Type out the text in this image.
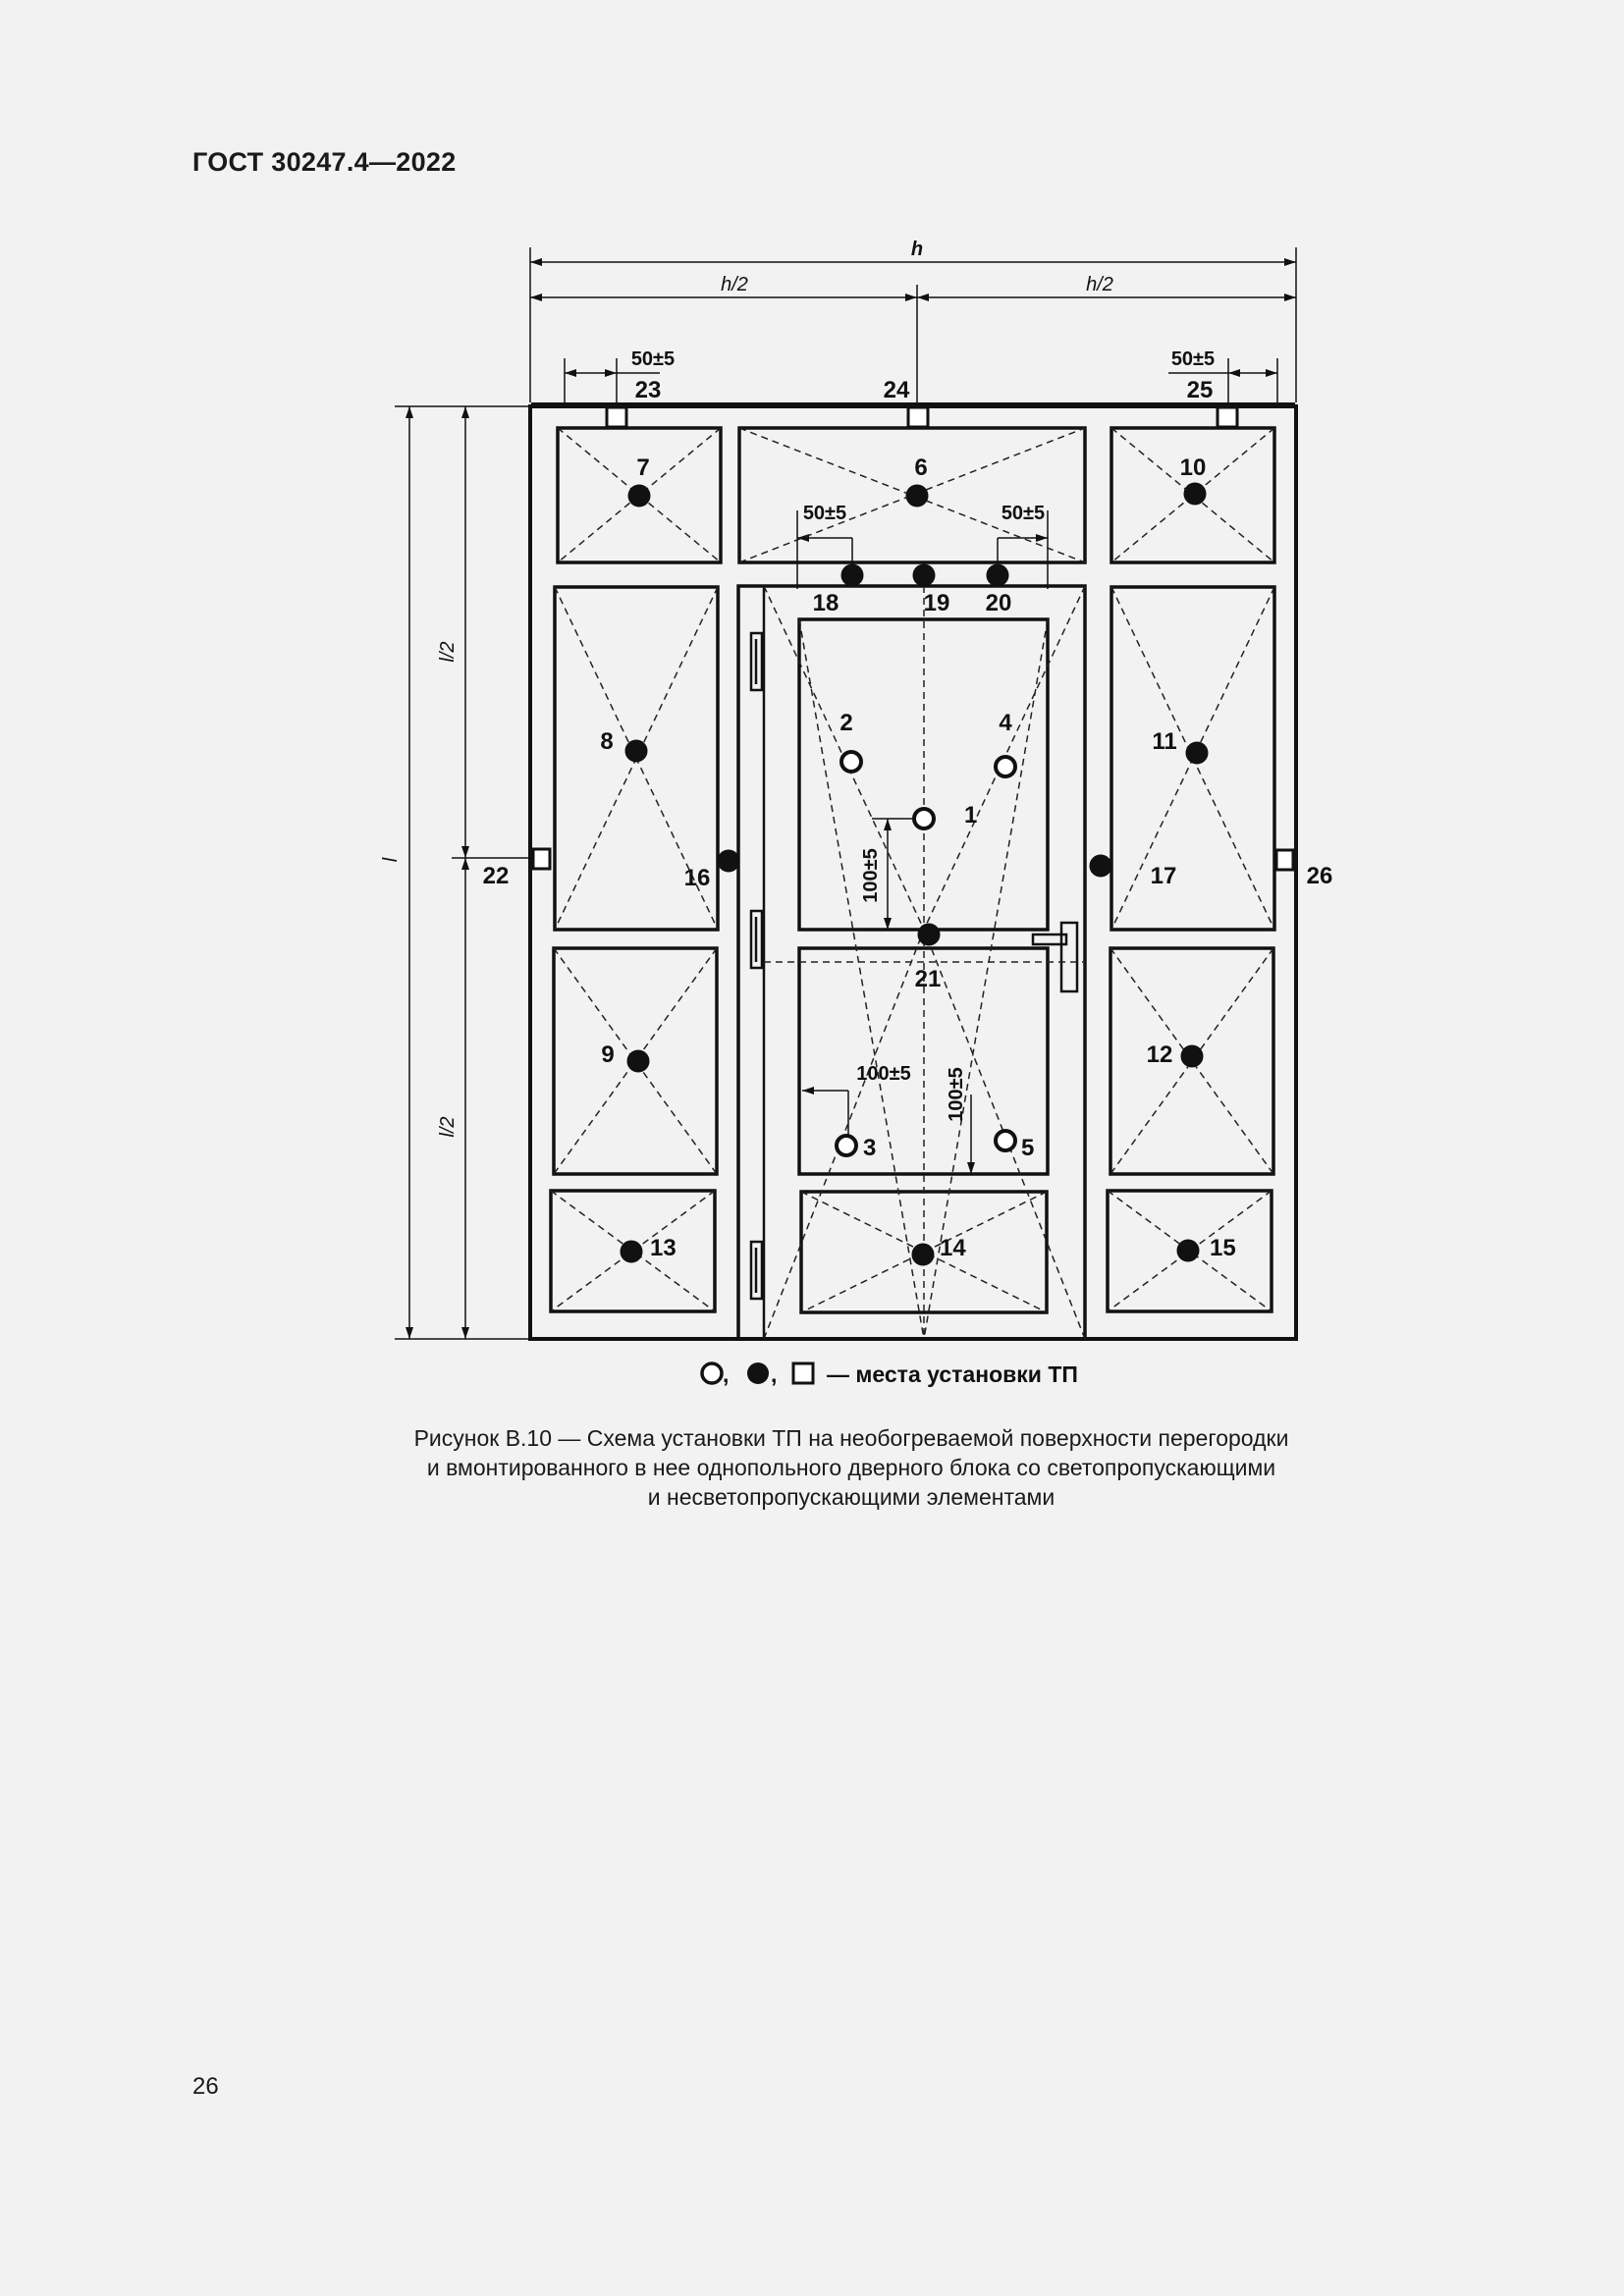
ГОСТ 30247.4—2022
h
h/2	h/2
50±5	50±5
50±5	50±5
100±5
100±5
100±5
l
l/2
l/2
1
2
3
4
5
6
7
8
9
10
11
12
13	14	15
16	17
18	19 20
21
22
23	24	25
26
, , — места установки ТП
Рисунок В.10 — Схема установки ТП на необогреваемой поверхности перегородки
и вмонтированного в нее однопольного дверного блока со светопропускающими
и несветопропускающими элементами
26
